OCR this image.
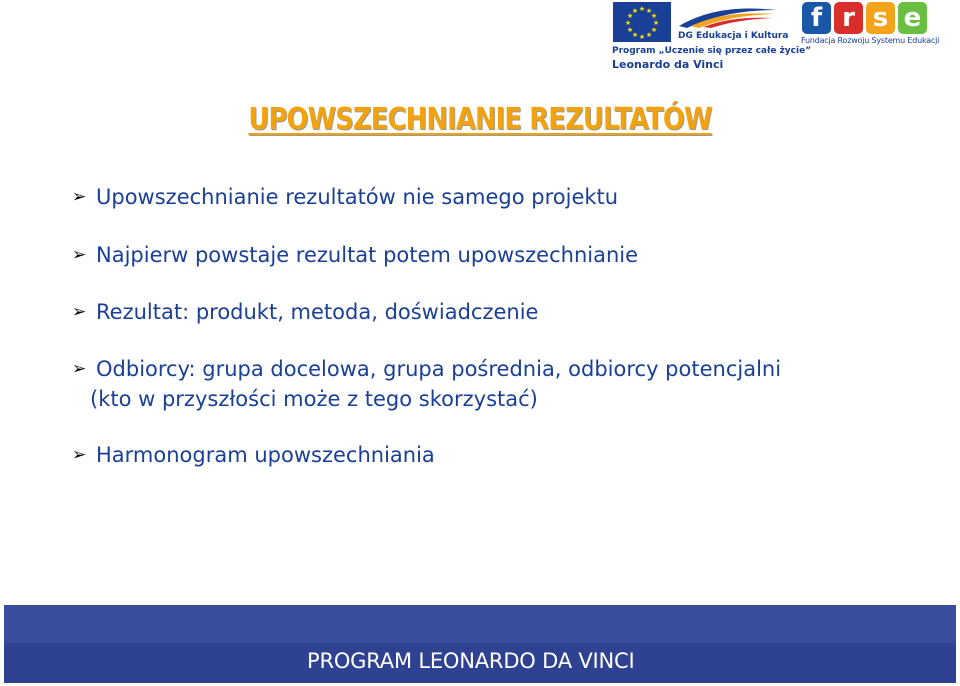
★ ★
★
★
★
★
★
★
★
★
★
★
DG Edukacja i Kultura
Program „Uczenie się przez całe życie”
Leonardo da Vinci
f r s e
Fundacja Rozwoju Systemu Edukacji
UPOWSZECHNIANIE REZULTATÓW
➢ Upowszechnianie rezultatów nie samego projektu
➢ Najpierw powstaje rezultat potem upowszechnianie
➢ Rezultat: produkt, metoda, doświadczenie
➢ Odbiorcy: grupa docelowa, grupa pośrednia, odbiorcy potencjalni
(kto w przyszłości może z tego skorzystać)
➢ Harmonogram upowszechniania
PROGRAM LEONARDO DA VINCI
